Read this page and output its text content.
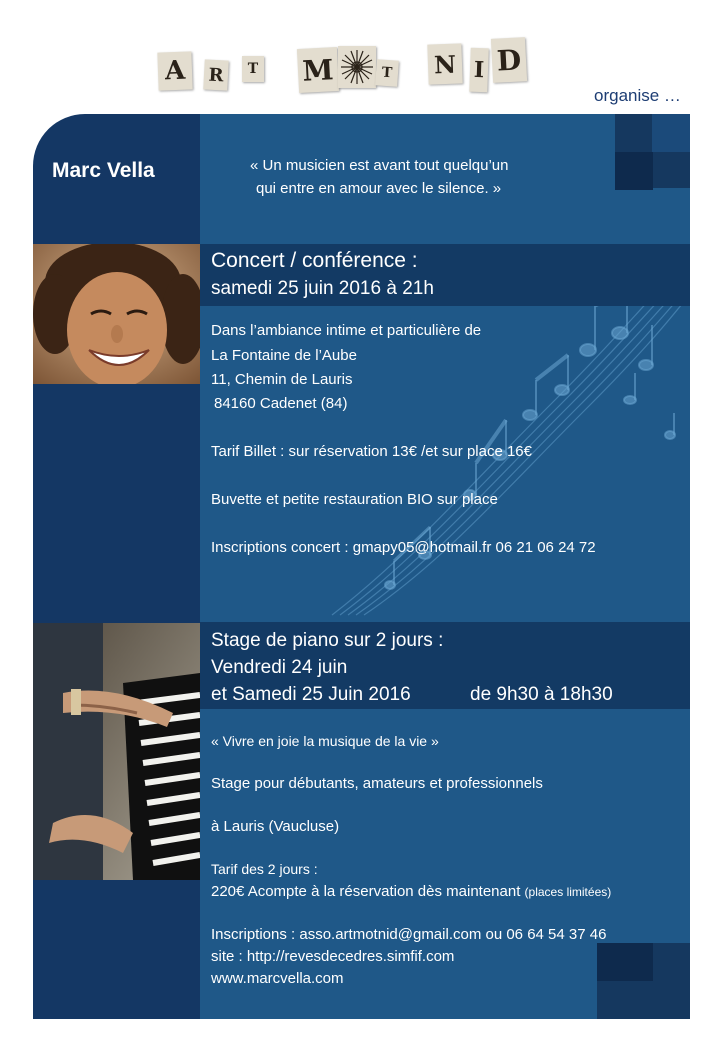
A	R	T M	T N I D
organise …
Marc Vella	« Un musicien est avant tout quelqu’un
qui entre en amour avec le silence. »
Concert / conférence :
samedi 25 juin 2016 à 21h
Dans l’ambiance intime et particulière de
La Fontaine de l’Aube
11, Chemin de Lauris
84160 Cadenet (84)
Tarif Billet : sur réservation 13€ /et sur place 16€
Buvette et petite restauration BIO sur place
Inscriptions concert : gmapy05@hotmail.fr 06 21 06 24 72
Stage de piano sur 2 jours :
Vendredi 24 juin
et Samedi 25 Juin 2016	de 9h30 à 18h30
« Vivre en joie la musique de la vie »
Stage pour débutants, amateurs et professionnels
à Lauris (Vaucluse)
Tarif des 2 jours :
220€ Acompte à la réservation dès maintenant (places limitées)
Inscriptions : asso.artmotnid@gmail.com ou 06 64 54 37 46
site : http://revesdecedres.simfif.com
www.marcvella.com
